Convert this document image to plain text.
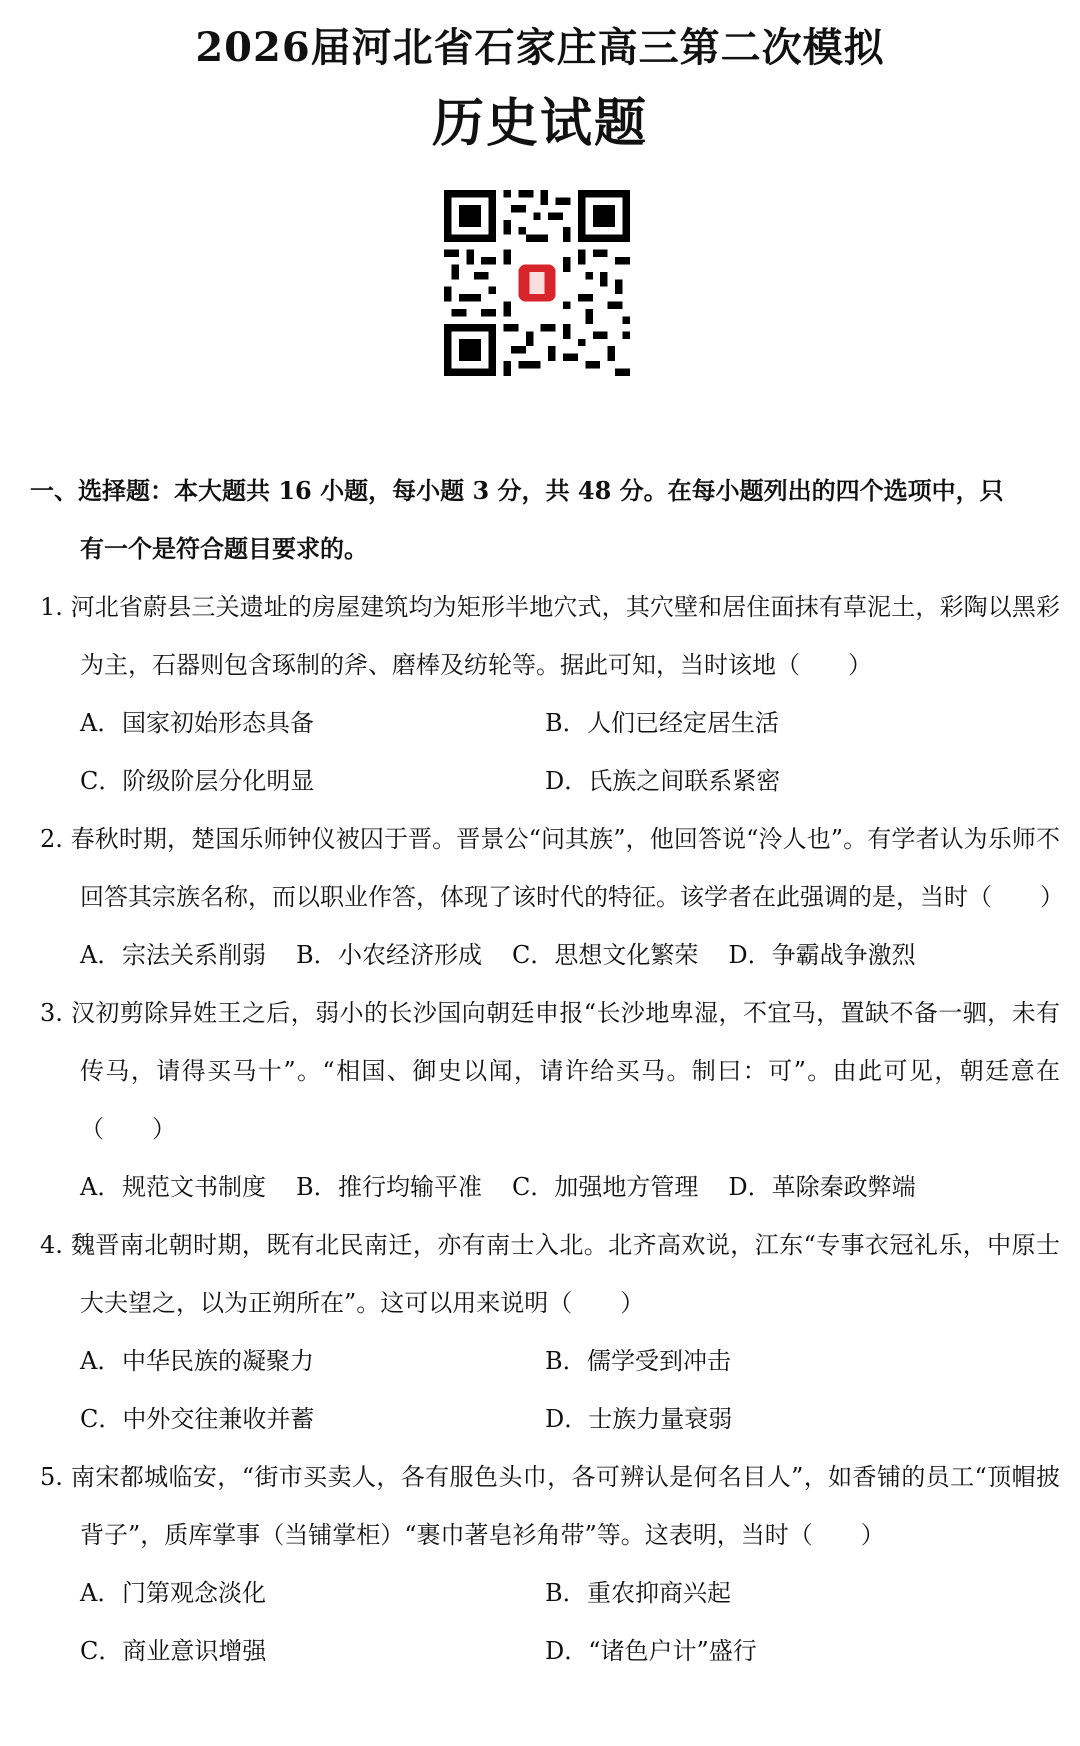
2026届河北省石家庄高三第二次模拟
历史试题
一、选择题：本大题共 16 小题，每小题 3 分，共 48 分。在每小题列出的四个选项中，只
有一个是符合题目要求的。
1. 河北省蔚县三关遗址的房屋建筑均为矩形半地穴式，其穴壁和居住面抹有草泥土，彩陶以黑彩为主，石器则包含琢制的斧、磨棒及纺轮等。据此可知，当时该地（　　）
A．国家初始形态具备	B．人们已经定居生活
C．阶级阶层分化明显	D．氏族之间联系紧密
2. 春秋时期，楚国乐师钟仪被囚于晋。晋景公“问其族”，他回答说“泠人也”。有学者认为乐师不回答其宗族名称，而以职业作答，体现了该时代的特征。该学者在此强调的是，当时（　　）
A．宗法关系削弱 B．小农经济形成 C．思想文化繁荣 D．争霸战争激烈
3. 汉初剪除异姓王之后，弱小的长沙国向朝廷申报“长沙地卑湿，不宜马，置缺不备一驷，未有传马，请得买马十”。“相国、御史以闻，请许给买马。制曰：可”。由此可见，朝廷意在（　　）
A．规范文书制度 B．推行均输平准 C．加强地方管理 D．革除秦政弊端
4. 魏晋南北朝时期，既有北民南迁，亦有南士入北。北齐高欢说，江东“专事衣冠礼乐，中原士大夫望之，以为正朔所在”。这可以用来说明（　　）
A．中华民族的凝聚力	B．儒学受到冲击
C．中外交往兼收并蓄	D．士族力量衰弱
5. 南宋都城临安，“街市买卖人，各有服色头巾，各可辨认是何名目人”，如香铺的员工“顶帽披背子”，质库掌事（当铺掌柜）“裹巾著皂衫角带”等。这表明，当时（　　）
A．门第观念淡化	B．重农抑商兴起
C．商业意识增强	D．“诸色户计”盛行
